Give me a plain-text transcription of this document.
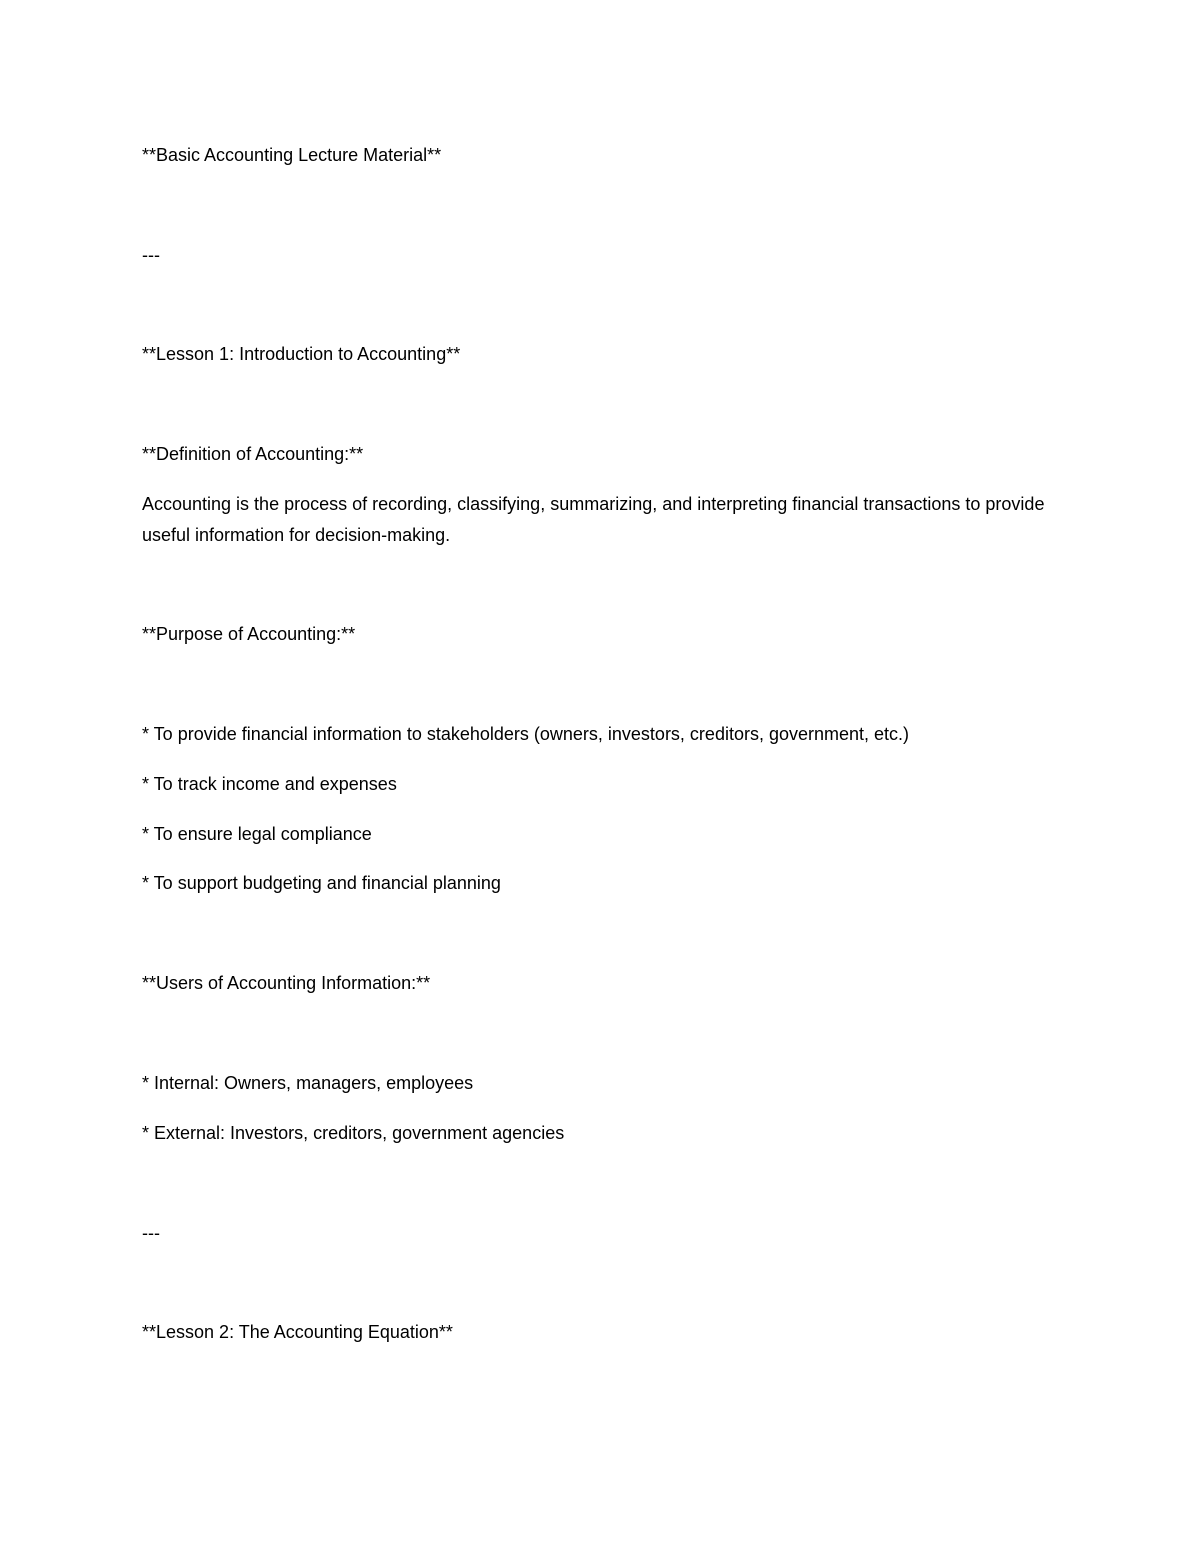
**Basic Accounting Lecture Material**
---
**Lesson 1: Introduction to Accounting**
**Definition of Accounting:**
Accounting is the process of recording, classifying, summarizing, and interpreting financial transactions to provide useful information for decision-making.
**Purpose of Accounting:**
* To provide financial information to stakeholders (owners, investors, creditors, government, etc.)
* To track income and expenses
* To ensure legal compliance
* To support budgeting and financial planning
**Users of Accounting Information:**
* Internal: Owners, managers, employees
* External: Investors, creditors, government agencies
---
**Lesson 2: The Accounting Equation**
